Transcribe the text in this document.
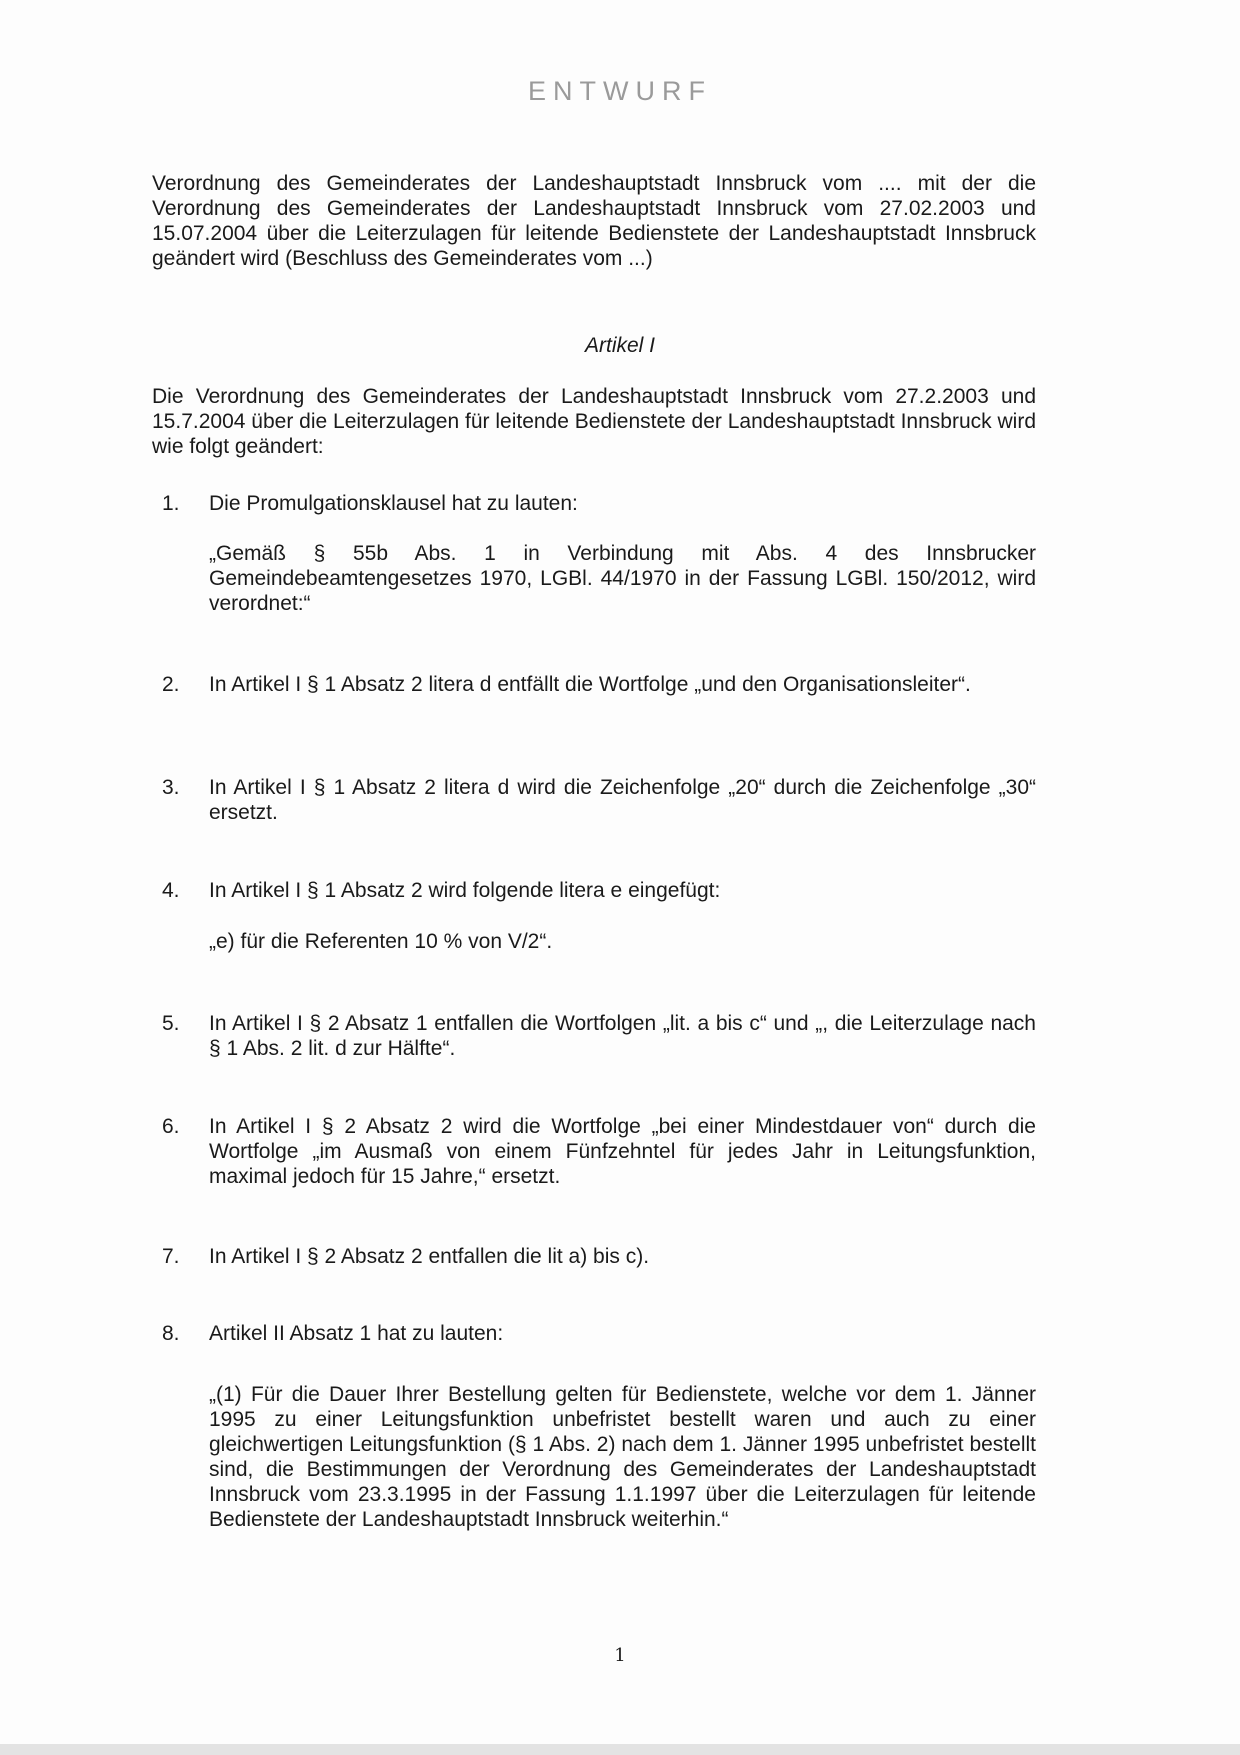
ENTWURF
Verordnung des Gemeinderates der Landeshauptstadt Innsbruck vom .... mit der die Verordnung des Gemeinderates der Landeshauptstadt Innsbruck vom 27.02.2003 und 15.07.2004 über die Leiterzulagen für leitende Bedienstete der Landeshauptstadt Innsbruck geändert wird (Beschluss des Gemeinderates vom ...)
Artikel I
Die Verordnung des Gemeinderates der Landeshauptstadt Innsbruck vom 27.2.2003 und 15.7.2004 über die Leiterzulagen für leitende Bedienstete der Landeshauptstadt Innsbruck wird wie folgt geändert:
1.	Die Promulgationsklausel hat zu lauten:
„Gemäß § 55b Abs. 1 in Verbindung mit Abs. 4 des Innsbrucker Gemeindebeamtengesetzes 1970, LGBl. 44/1970 in der Fassung LGBl. 150/2012, wird verordnet:“
2.	In Artikel I § 1 Absatz 2 litera d entfällt die Wortfolge „und den Organisationsleiter“.
3.	In Artikel I § 1 Absatz 2 litera d wird die Zeichenfolge „20“ durch die Zeichenfolge „30“ ersetzt.
4.	In Artikel I § 1 Absatz 2 wird folgende litera e eingefügt:
„e) für die Referenten 10 % von V/2“.
5.	In Artikel I § 2 Absatz 1 entfallen die Wortfolgen „lit. a bis c“ und „, die Leiterzulage nach § 1 Abs. 2 lit. d zur Hälfte“.
6.	In Artikel I § 2 Absatz 2 wird die Wortfolge „bei einer Mindestdauer von“ durch die Wortfolge „im Ausmaß von einem Fünfzehntel für jedes Jahr in Leitungsfunktion, maximal jedoch für 15 Jahre,“ ersetzt.
7.	In Artikel I § 2 Absatz 2 entfallen die lit a) bis c).
8.	Artikel II Absatz 1 hat zu lauten:
„(1) Für die Dauer Ihrer Bestellung gelten für Bedienstete, welche vor dem 1. Jänner 1995 zu einer Leitungsfunktion unbefristet bestellt waren und auch zu einer gleichwertigen Leitungsfunktion (§ 1 Abs. 2) nach dem 1. Jänner 1995 unbefristet bestellt sind, die Bestimmungen der Verordnung des Gemeinderates der Landeshauptstadt Innsbruck vom 23.3.1995 in der Fassung 1.1.1997 über die Leiterzulagen für leitende Bedienstete der Landeshauptstadt Innsbruck weiterhin.“
1
